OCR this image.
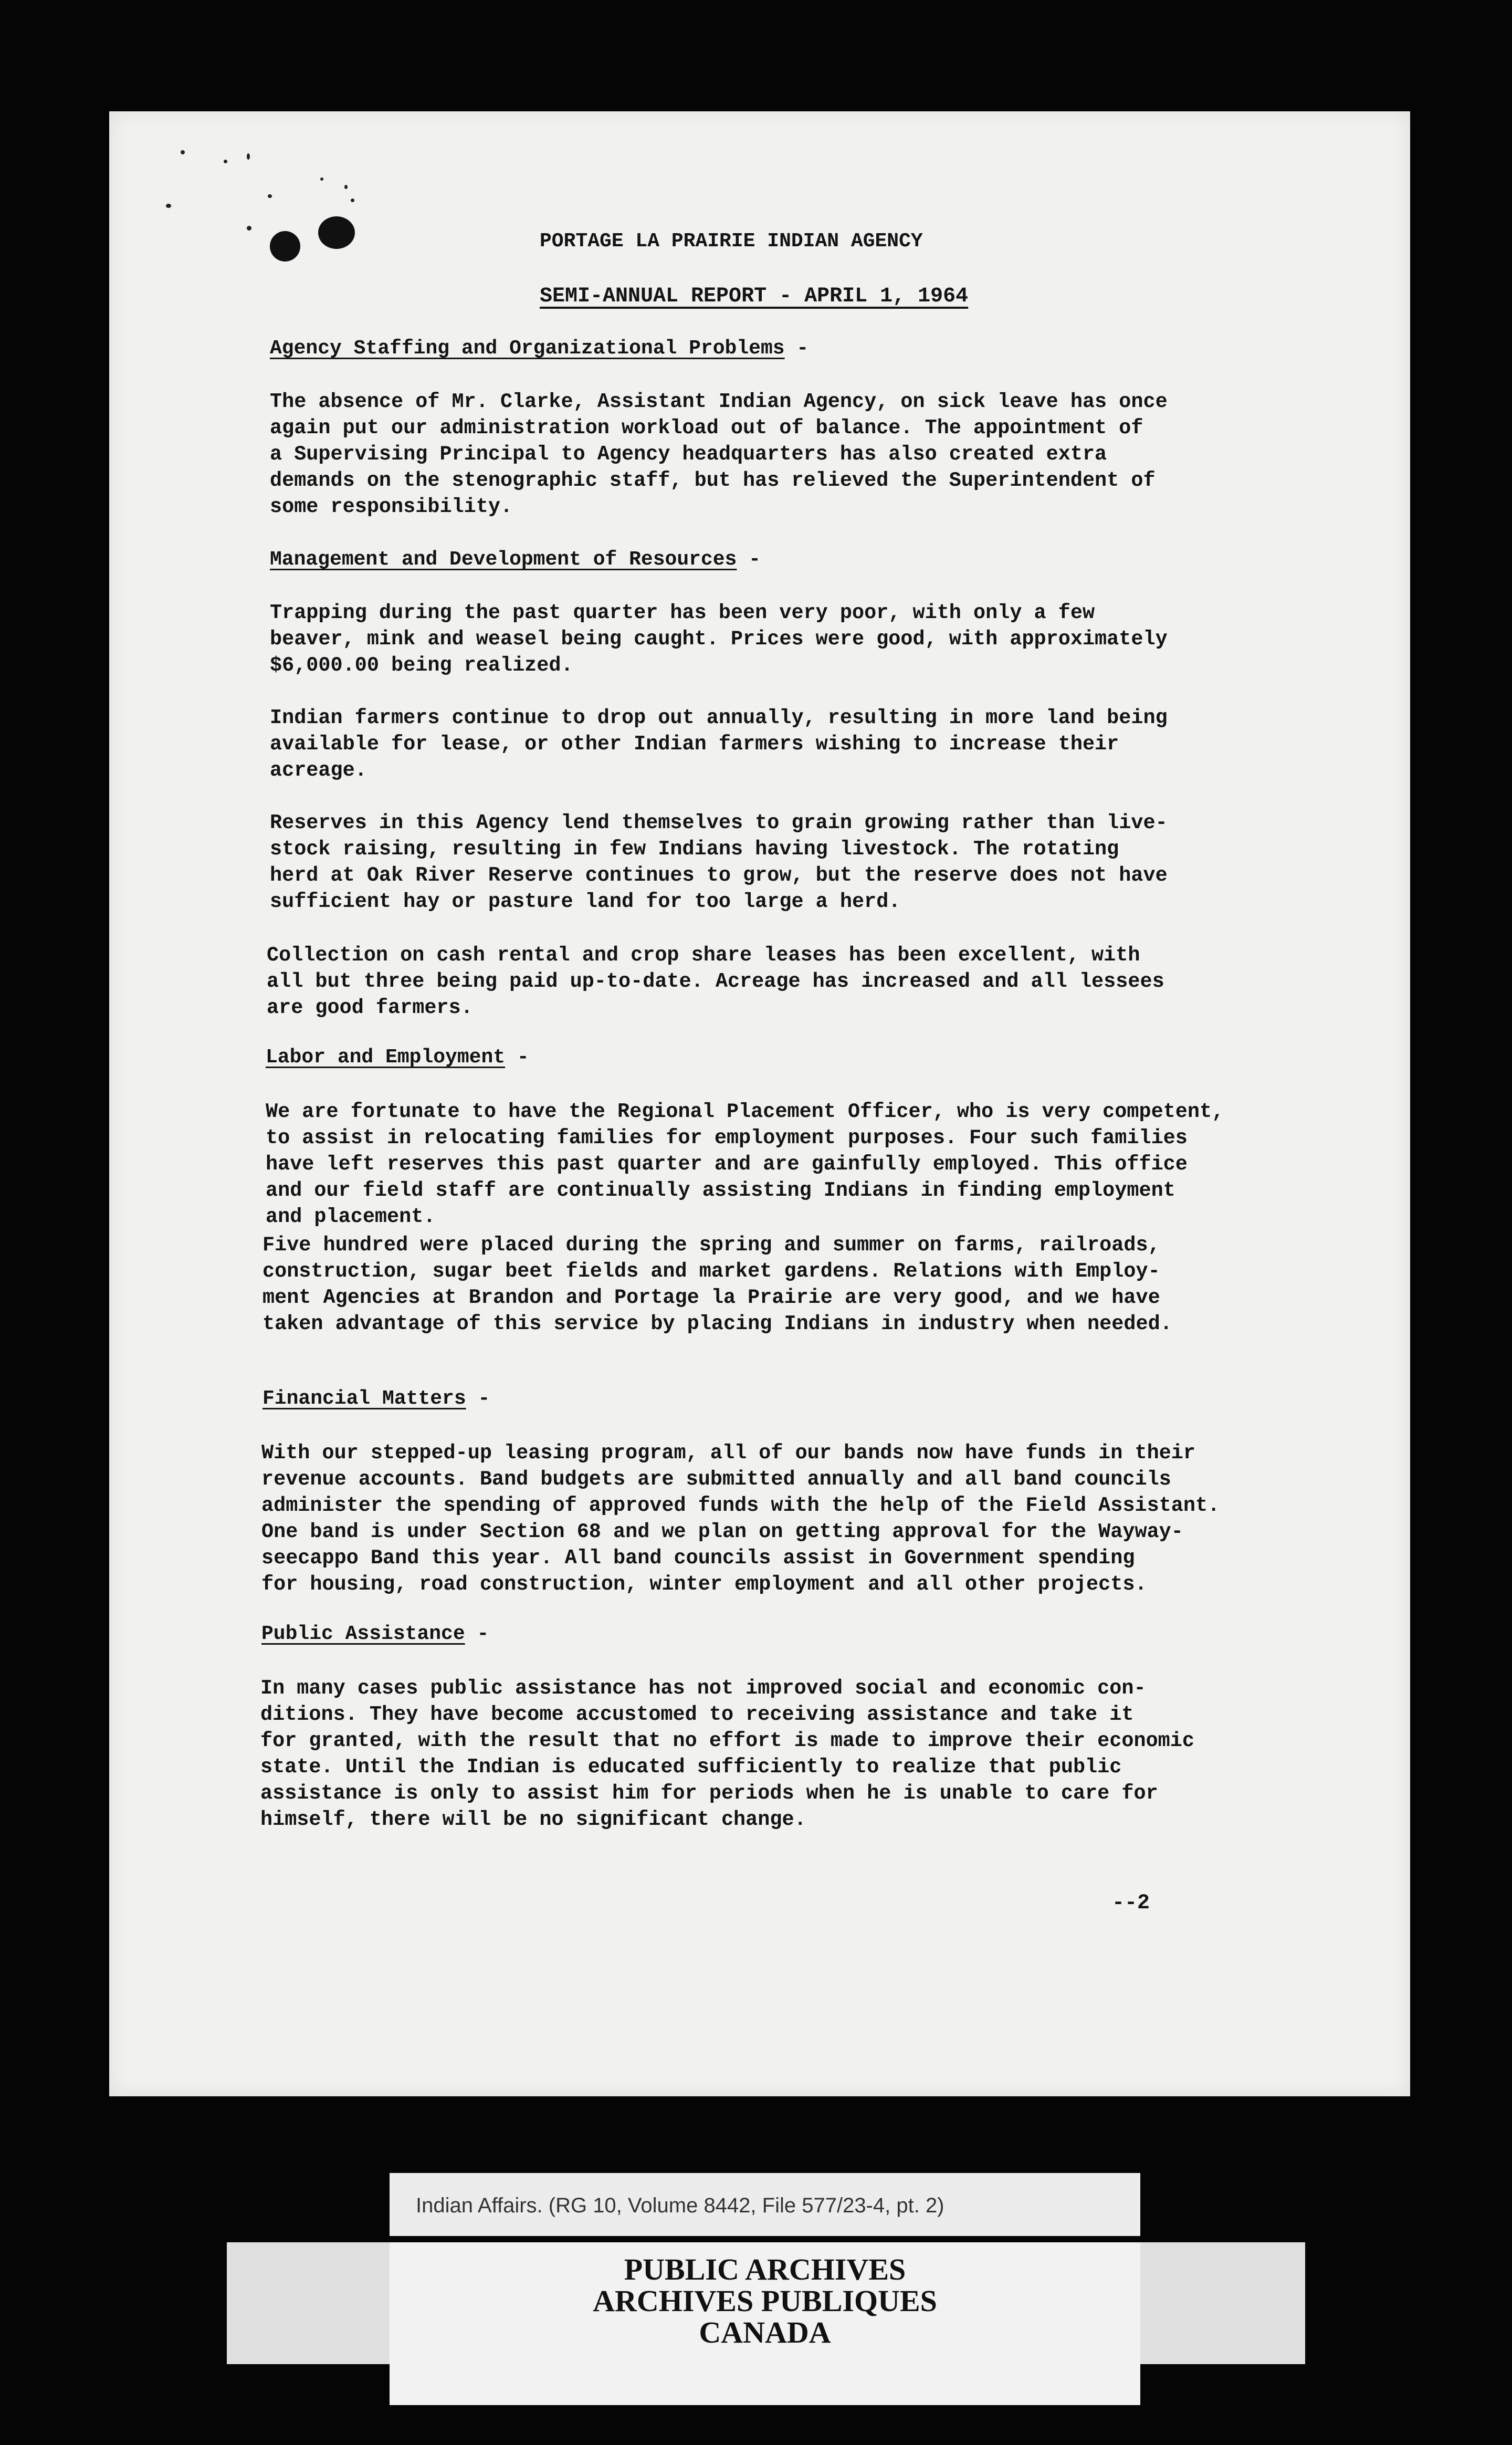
PORTAGE LA PRAIRIE INDIAN AGENCY
SEMI-ANNUAL REPORT - APRIL 1, 1964
Agency Staffing and Organizational Problems -
The absence of Mr. Clarke, Assistant Indian Agency, on sick leave has once
again put our administration workload out of balance. The appointment of
a Supervising Principal to Agency headquarters has also created extra
demands on the stenographic staff, but has relieved the Superintendent of
some responsibility.
Management and Development of Resources -
Trapping during the past quarter has been very poor, with only a few
beaver, mink and weasel being caught. Prices were good, with approximately
$6,000.00 being realized.
Indian farmers continue to drop out annually, resulting in more land being
available for lease, or other Indian farmers wishing to increase their
acreage.
Reserves in this Agency lend themselves to grain growing rather than live-
stock raising, resulting in few Indians having livestock. The rotating
herd at Oak River Reserve continues to grow, but the reserve does not have
sufficient hay or pasture land for too large a herd.
Collection on cash rental and crop share leases has been excellent, with
all but three being paid up-to-date. Acreage has increased and all lessees
are good farmers.
Labor and Employment -
We are fortunate to have the Regional Placement Officer, who is very competent,
to assist in relocating families for employment purposes. Four such families
have left reserves this past quarter and are gainfully employed. This office
and our field staff are continually assisting Indians in finding employment
and placement.
Five hundred were placed during the spring and summer on farms, railroads,
construction, sugar beet fields and market gardens. Relations with Employ-
ment Agencies at Brandon and Portage la Prairie are very good, and we have
taken advantage of this service by placing Indians in industry when needed.
Financial Matters -
With our stepped-up leasing program, all of our bands now have funds in their
revenue accounts. Band budgets are submitted annually and all band councils
administer the spending of approved funds with the help of the Field Assistant.
One band is under Section 68 and we plan on getting approval for the Wayway-
seecappo Band this year. All band councils assist in Government spending
for housing, road construction, winter employment and all other projects.
Public Assistance -
In many cases public assistance has not improved social and economic con-
ditions. They have become accustomed to receiving assistance and take it
for granted, with the result that no effort is made to improve their economic
state. Until the Indian is educated sufficiently to realize that public
assistance is only to assist him for periods when he is unable to care for
himself, there will be no significant change.
--2
Indian Affairs. (RG 10, Volume 8442, File 577/23-4, pt. 2)
PUBLIC ARCHIVES
ARCHIVES PUBLIQUES
CANADA
